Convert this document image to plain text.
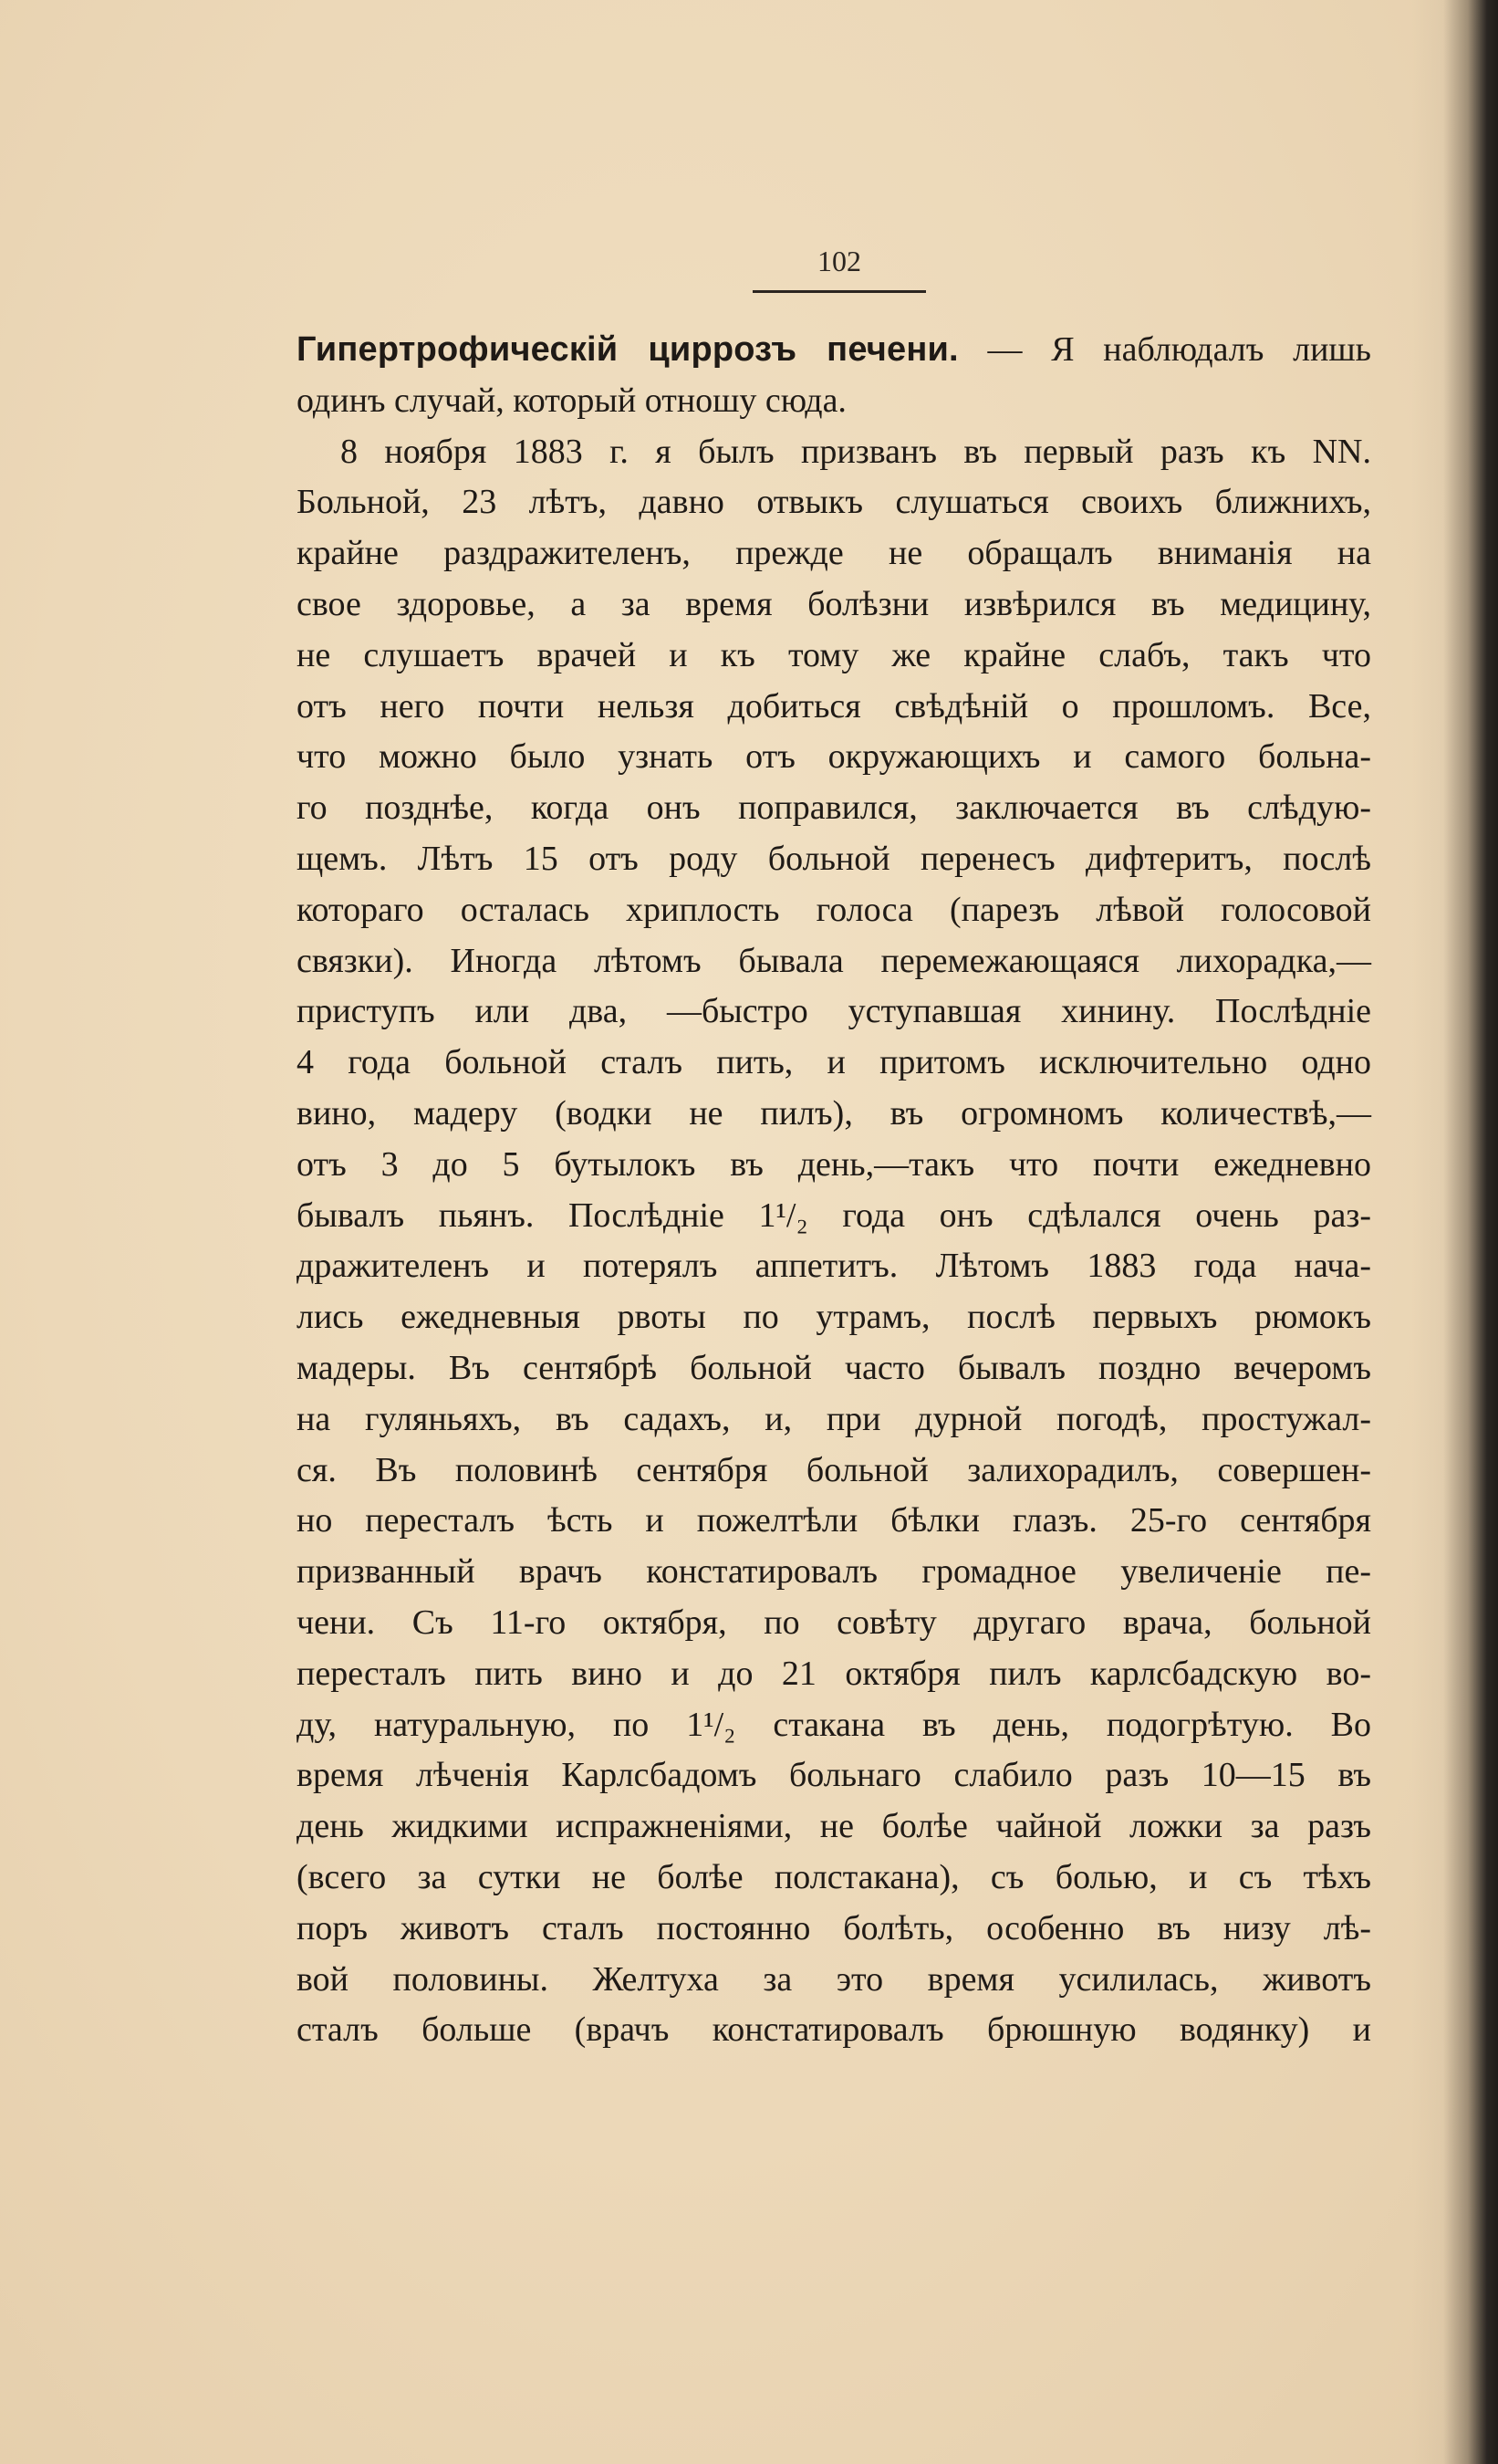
102
Гипертрофическій циррозъ печени. — Я наблюдалъ лишь
одинъ случай, который отношу сюда.
8 ноября 1883 г. я былъ призванъ въ первый разъ къ NN.
Больной, 23 лѣтъ, давно отвыкъ слушаться своихъ ближнихъ,
крайне раздражителенъ, прежде не обращалъ вниманія на
свое здоровье, а за время болѣзни извѣрился въ медицину,
не слушаетъ врачей и къ тому же крайне слабъ, такъ что
отъ него почти нельзя добиться свѣдѣній о прошломъ. Все,
что можно было узнать отъ окружающихъ и самого больна-
го позднѣе, когда онъ поправился, заключается въ слѣдую-
щемъ. Лѣтъ 15 отъ роду больной перенесъ дифтеритъ, послѣ
котораго осталась хриплость голоса (парезъ лѣвой голосовой
связки). Иногда лѣтомъ бывала перемежающаяся лихорадка,—
приступъ или два, —быстро уступавшая хинину. Послѣдніе
4 года больной сталъ пить, и притомъ исключительно одно
вино, мадеру (водки не пилъ), въ огромномъ количествѣ,—
отъ 3 до 5 бутылокъ въ день,—такъ что почти ежедневно
бывалъ пьянъ. Послѣдніе 1¹/₂ года онъ сдѣлался очень раз-
дражителенъ и потерялъ аппетитъ. Лѣтомъ 1883 года нача-
лись ежедневныя рвоты по утрамъ, послѣ первыхъ рюмокъ
мадеры. Въ сентябрѣ больной часто бывалъ поздно вечеромъ
на гуляньяхъ, въ садахъ, и, при дурной погодѣ, простужал-
ся. Въ половинѣ сентября больной залихорадилъ, совершен-
но пересталъ ѣсть и пожелтѣли бѣлки глазъ. 25-го сентября
призванный врачъ констатировалъ громадное увеличеніе пе-
чени. Съ 11-го октября, по совѣту другаго врача, больной
пересталъ пить вино и до 21 октября пилъ карлсбадскую во-
ду, натуральную, по 1¹/₂ стакана въ день, подогрѣтую. Во
время лѣченія Карлсбадомъ больнаго слабило разъ 10—15 въ
день жидкими испражненіями, не болѣе чайной ложки за разъ
(всего за сутки не болѣе полстакана), съ болью, и съ тѣхъ
поръ животъ сталъ постоянно болѣть, особенно въ низу лѣ-
вой половины. Желтуха за это время усилилась, животъ
сталъ больше (врачъ констатировалъ брюшную водянку) и
